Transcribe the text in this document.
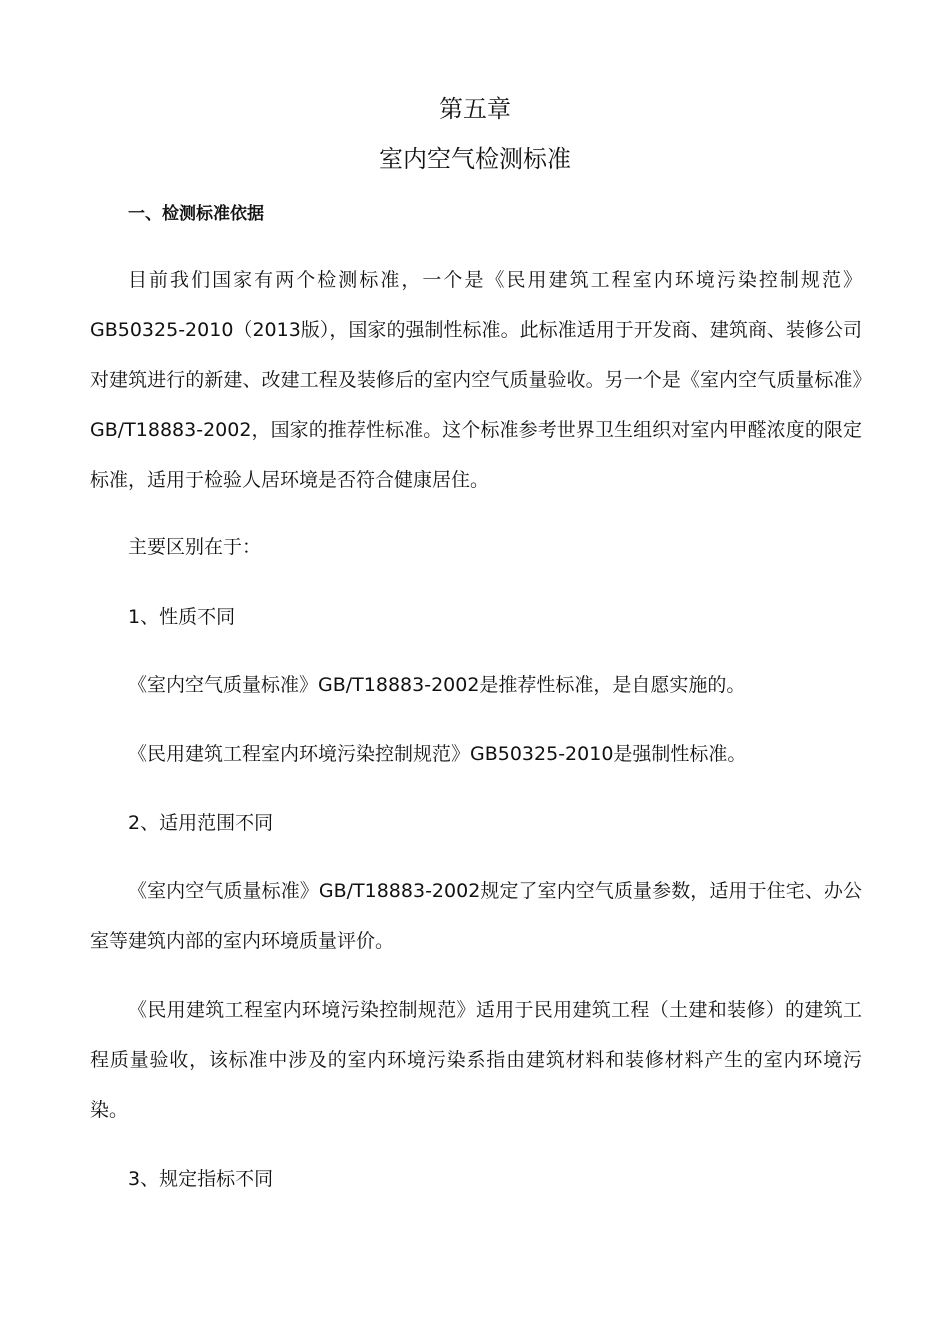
第五章
室内空气检测标准
一、检测标准依据

目前我们国家有两个检测标准，一个是《民用建筑工程室内环境污染控制规范》GB50325-2010（2013版），国家的强制性标准。此标准适用于开发商、建筑商、装修公司对建筑进行的新建、改建工程及装修后的室内空气质量验收。另一个是《室内空气质量标准》GB/T18883-2002，国家的推荐性标准。这个标准参考世界卫生组织对室内甲醛浓度的限定标准，适用于检验人居环境是否符合健康居住。

主要区别在于：

1、性质不同

《室内空气质量标准》GB/T18883-2002是推荐性标准，是自愿实施的。

《民用建筑工程室内环境污染控制规范》GB50325-2010是强制性标准。

2、适用范围不同

《室内空气质量标准》GB/T18883-2002规定了室内空气质量参数，适用于住宅、办公室等建筑内部的室内环境质量评价。

《民用建筑工程室内环境污染控制规范》适用于民用建筑工程（土建和装修）的建筑工程质量验收，该标准中涉及的室内环境污染系指由建筑材料和装修材料产生的室内环境污染。

3、规定指标不同
